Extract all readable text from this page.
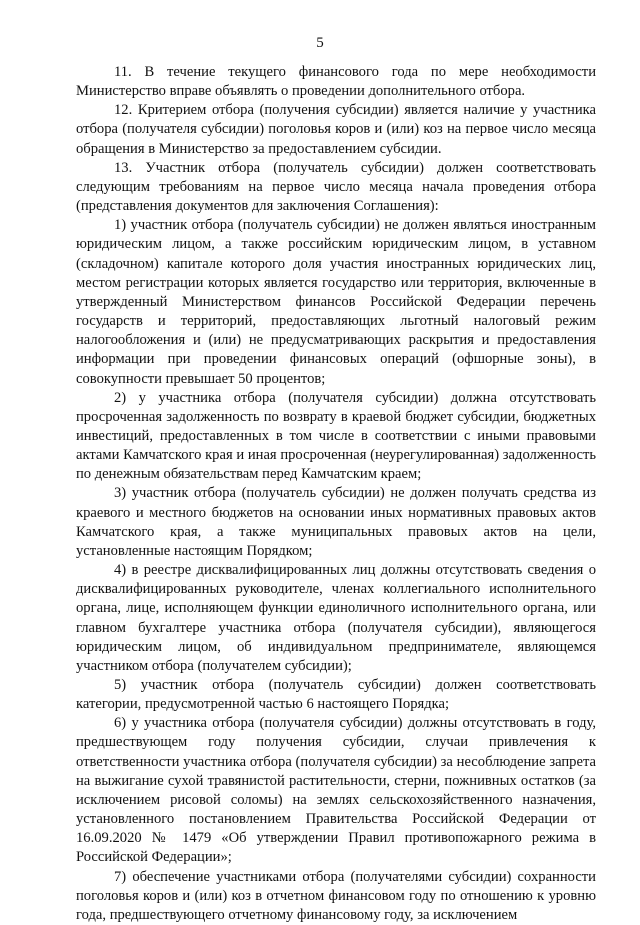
5

11. В течение текущего финансового года по мере необходимости Министерство вправе объявлять о проведении дополнительного отбора.

12. Критерием отбора (получения субсидии) является наличие у участника отбора (получателя субсидии) поголовья коров и (или) коз на первое число месяца обращения в Министерство за предоставлением субсидии.

13. Участник отбора (получатель субсидии) должен соответствовать следующим требованиям на первое число месяца начала проведения отбора (представления документов для заключения Соглашения):

1) участник отбора (получатель субсидии) не должен являться иностранным юридическим лицом, а также российским юридическим лицом, в уставном (складочном) капитале которого доля участия иностранных юридических лиц, местом регистрации которых является государство или территория, включенные в утвержденный Министерством финансов Российской Федерации перечень государств и территорий, предоставляющих льготный налоговый режим налогообложения и (или) не предусматривающих раскрытия и предоставления информации при проведении финансовых операций (офшорные зоны), в совокупности превышает 50 процентов;

2) у участника отбора (получателя субсидии) должна отсутствовать просроченная задолженность по возврату в краевой бюджет субсидии, бюджетных инвестиций, предоставленных в том числе в соответствии с иными правовыми актами Камчатского края и иная просроченная (неурегулированная) задолженность по денежным обязательствам перед Камчатским краем;

3) участник отбора (получатель субсидии) не должен получать средства из краевого и местного бюджетов на основании иных нормативных правовых актов Камчатского края, а также муниципальных правовых актов на цели, установленные настоящим Порядком;

4) в реестре дисквалифицированных лиц должны отсутствовать сведения о дисквалифицированных руководителе, членах коллегиального исполнительного органа, лице, исполняющем функции единоличного исполнительного органа, или главном бухгалтере участника отбора (получателя субсидии), являющегося юридическим лицом, об индивидуальном предпринимателе, являющемся участником отбора (получателем субсидии);

5) участник отбора (получатель субсидии) должен соответствовать категории, предусмотренной частью 6 настоящего Порядка;

6) у участника отбора (получателя субсидии) должны отсутствовать в году, предшествующем году получения субсидии, случаи привлечения к ответственности участника отбора (получателя субсидии) за несоблюдение запрета на выжигание сухой травянистой растительности, стерни, пожнивных остатков (за исключением рисовой соломы) на землях сельскохозяйственного назначения, установленного постановлением Правительства Российской Федерации от 16.09.2020 № 1479 «Об утверждении Правил противопожарного режима в Российской Федерации»;

7) обеспечение участниками отбора (получателями субсидии) сохранности поголовья коров и (или) коз в отчетном финансовом году по отношению к уровню года, предшествующего отчетному финансовому году, за исключением
